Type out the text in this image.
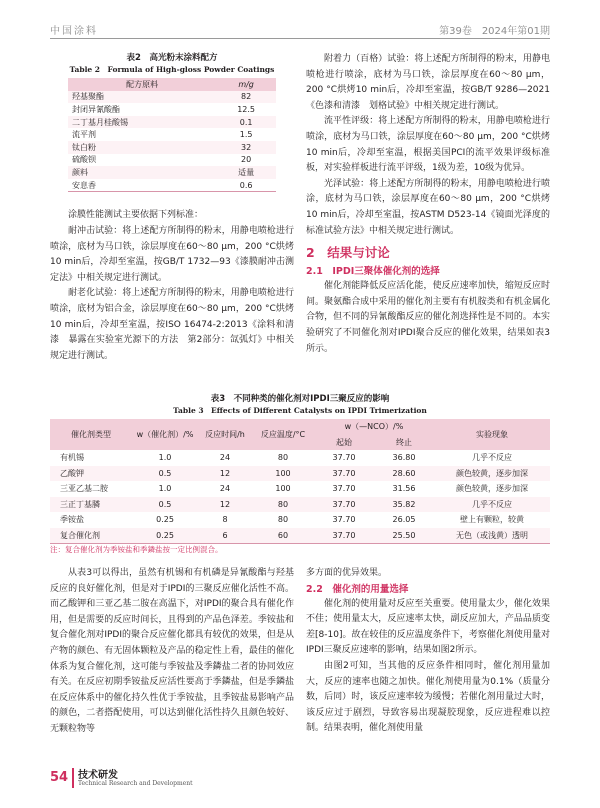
中国涂料	第39卷　2024年第01期
表2　高光粉末涂料配方
Table 2　Formula of High-gloss Powder Coatings
配方原料	m/g
羟基聚酯	82
封闭异氰酸酯	12.5
二丁基月桂酸锡	0.1
流平剂	1.5
钛白粉	32
硫酸钡	20
颜料	适量
安息香	0.6

涂膜性能测试主要依据下列标准：

耐冲击试验：将上述配方所制得的粉末，用静电喷枪进行喷涂，底材为马口铁，涂层厚度在60～80 μm，200 °C烘烤10 min后，冷却至室温，按GB/T 1732—93《漆膜耐冲击测定法》中相关规定进行测试。

耐老化试验：将上述配方所制得的粉末，用静电喷枪进行喷涂，底材为铝合金，涂层厚度在60～80 μm，200 °C烘烤10 min后，冷却至室温，按ISO 16474-2:2013《涂料和清漆　暴露在实验室光源下的方法　第2部分：氙弧灯》中相关规定进行测试。

附着力（百格）试验：将上述配方所制得的粉末，用静电喷枪进行喷涂，底材为马口铁，涂层厚度在60～80 μm，200 °C烘烤10 min后，冷却至室温，按GB/T 9286—2021《色漆和清漆　划格试验》中相关规定进行测试。

流平性评级：将上述配方所制得的粉末，用静电喷枪进行喷涂，底材为马口铁，涂层厚度在60～80 μm，200 °C烘烤10 min后，冷却至室温，根据美国PCI的流平效果评级标准板，对实验样板进行流平评级，1级为差，10级为优异。

光泽试验：将上述配方所制得的粉末，用静电喷枪进行喷涂，底材为马口铁，涂层厚度在60～80 μm，200 °C烘烤10 min后，冷却至室温，按ASTM D523-14《镜面光泽度的标准试验方法》中相关规定进行测试。

2　结果与讨论
2.1　IPDI三聚体催化剂的选择

催化剂能降低反应活化能，使反应速率加快，缩短反应时间。聚氨酯合成中采用的催化剂主要有有机胺类和有机金属化合物，但不同的异氰酸酯反应的催化剂选择性是不同的。本实验研究了不同催化剂对IPDI聚合反应的催化效果，结果如表3所示。

表3　不同种类的催化剂对IPDI三聚反应的影响
Table 3　Effects of Different Catalysts on IPDI Trimerization
催化剂类型	w（催化剂）/%	反应时间/h	反应温度/°C	w（—NCO）/%		实验现象
				起始	终止	
有机锡	1.0	24	80	37.70	36.80	几乎不反应
乙酸钾	0.5	12	100	37.70	28.60	颜色较黄，逐步加深
三亚乙基二胺	1.0	24	100	37.70	31.56	颜色较黄，逐步加深
三正丁基膦	0.5	12	80	37.70	35.82	几乎不反应
季铵盐	0.25	8	80	37.70	26.05	壁上有颗粒，较黄
复合催化剂	0.25	6	60	37.70	25.50	无色（或浅黄）透明
注：复合催化剂为季铵盐和季鏻盐按一定比例混合。

从表3可以得出，虽然有机锡和有机磷是异氰酸酯与羟基反应的良好催化剂，但是对于IPDI的三聚反应催化活性不高。而乙酸钾和三亚乙基二胺在高温下，对IPDI的聚合具有催化作用，但是需要的反应时间长，且得到的产品色泽差。季铵盐和复合催化剂对IPDI的聚合反应催化都具有较优的效果，但是从产物的颜色、有无固体颗粒及产品的稳定性上看，最佳的催化体系为复合催化剂，这可能与季铵盐及季鏻盐二者的协同效应有关。在反应初期季铵盐反应活性要高于季鏻盐，但是季鏻盐在反应体系中的催化持久性优于季铵盐，且季铵盐易影响产品的颜色，二者搭配使用，可以达到催化活性持久且颜色较好、无颗粒物等

多方面的优异效果。

2.2　催化剂的用量选择

催化剂的使用量对反应至关重要。使用量太少，催化效果不佳；使用量太大，反应速率太快，副反应加大，产品品质变差[8-10]。故在较佳的反应温度条件下，考察催化剂使用量对IPDI三聚反应速率的影响，结果如图2所示。

由图2可知，当其他的反应条件相同时，催化剂用量加大，反应的速率也随之加快。催化剂使用量为0.1%（质量分数，后同）时，该反应速率较为缓慢；若催化剂用量过大时，该反应过于剧烈，导致容易出现凝胶现象，反应进程难以控制。结果表明，催化剂使用量

54 技术研发
Technical Research and Development
